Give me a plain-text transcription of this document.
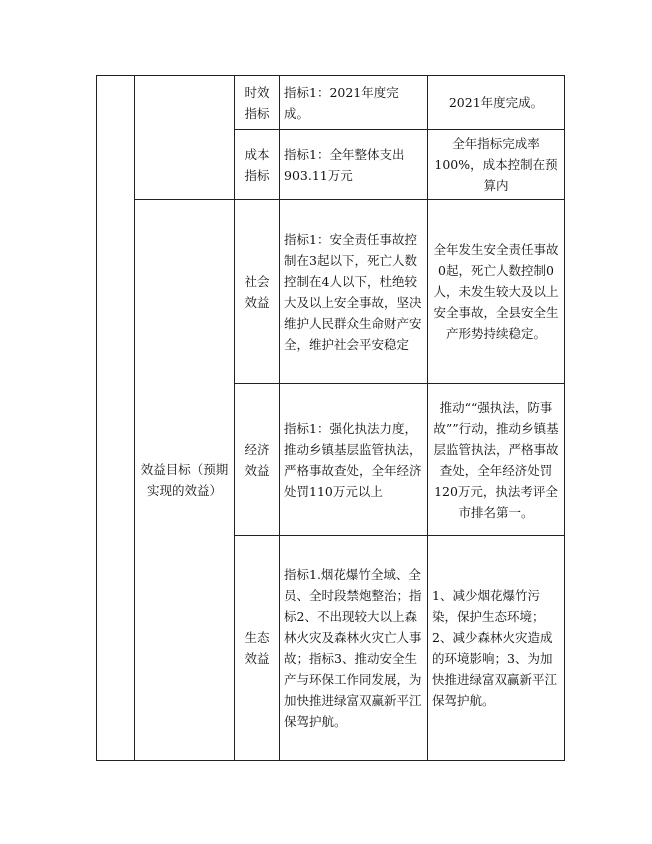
		时效指标	指标1：2021年度完成。	2021年度完成。
		成本指标	指标1：全年整体支出903.11万元	全年指标完成率100%，成本控制在预算内
	效益目标（预期实现的效益）	社会效益	指标1：安全责任事故控制在3起以下，死亡人数控制在4人以下，杜绝较大及以上安全事故，坚决维护人民群众生命财产安全，维护社会平安稳定	全年发生安全责任事故0起，死亡人数控制0人，未发生较大及以上安全事故，全县安全生产形势持续稳定。
		经济效益	指标1：强化执法力度，推动乡镇基层监管执法，严格事故查处，全年经济处罚110万元以上	推动““强执法，防事故””行动，推动乡镇基层监管执法，严格事故查处，全年经济处罚120万元，执法考评全市排名第一。
		生态效益	指标1.烟花爆竹全域、全员、全时段禁炮整治；指标2、不出现较大以上森林火灾及森林火灾亡人事故；指标3、推动安全生产与环保工作同发展，为加快推进绿富双赢新平江保驾护航。	1、减少烟花爆竹污染，保护生态环境；2、减少森林火灾造成的环境影响；3、为加快推进绿富双赢新平江保驾护航。
